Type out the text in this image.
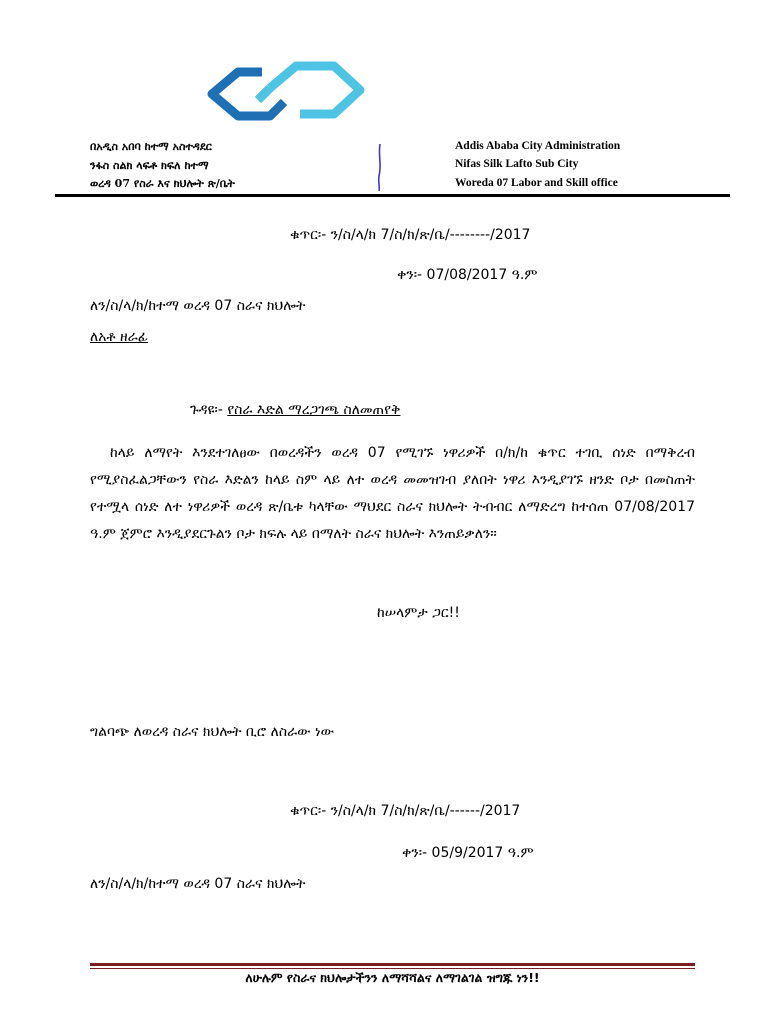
በአዲስ አበባ ከተማ አስተዳደር
ንፋስ ስልክ ላፍቶ ክፍለ ከተማ
ወረዳ 07 የስራ እና ክህሎት ጽ/ቤት
Addis Ababa City Administration
Nifas Silk Lafto Sub City
Woreda 07 Labor and Skill office
ቁጥር፡- ን/ስ/ላ/ክ 7/ስ/ክ/ጽ/ቤ/--------/2017
ቀን፡- 07/08/2017 ዓ.ም
ለን/ስ/ላ/ክ/ከተማ ወረዳ 07 ስራና ክህሎት
ለአቶ ዘራፊ
ጉዳዩ፡- የስራ እድል ማረጋገጫ ስለመጠየቅ
ከላይ ለማየት እንደተገለፀው በወረዳችን ወረዳ 07 የሚገኙ ነዋሪዎች በ/ክ/ከ ቁጥር ተገቢ ሰነድ በማቅረብ የሚያስፈልጋቸውን የስራ እድልን ከላይ ስም ላይ ለተ ወረዳ መመዝገብ ያለበት ነዋሪ እንዲያገኙ ዘንድ ቦታ በመስጠት የተሟላ ሰነድ ለተ ነዋሪዎች ወረዳ ጽ/ቤቱ ካላቸው ማህደር ስራና ክህሎት ትብብር ለማድረግ ከተሰጠ 07/08/2017 ዓ.ም ጀምሮ እንዲያደርጉልን ቦታ ክፍሉ ላይ በማለት ስራና ክህሎት እንጠይቃለን።
ከሠላምታ ጋር!!
ግልባጭ ለወረዳ ስራና ክህሎት ቢሮ ለስራው ነው
ቁጥር፡- ን/ስ/ላ/ክ 7/ስ/ክ/ጽ/ቤ/------/2017
ቀን፡- 05/9/2017 ዓ.ም
ለን/ስ/ላ/ክ/ከተማ ወረዳ 07 ስራና ክህሎት
ለሁሉም የስራና ክህሎታችንን ለማሻሻልና ለማገልገል ዝግጁ ነን!!
